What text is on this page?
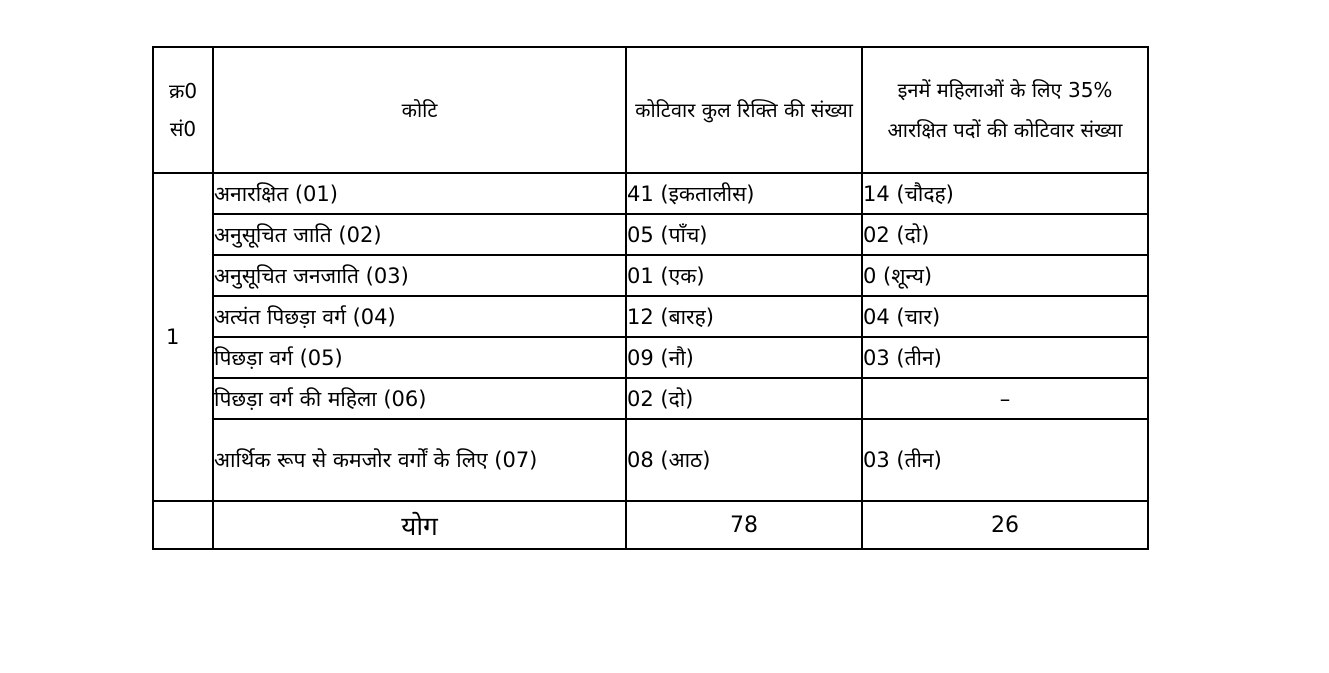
क्र0 सं0	कोटि	कोटिवार कुल रिक्ति की संख्या	इनमें महिलाओं के लिए 35% आरक्षित पदों की कोटिवार संख्या

1	अनारक्षित (01)	41 (इकतालीस)	14 (चौदह)
	अनुसूचित जाति (02)	05 (पाँच)	02 (दो)
	अनुसूचित जनजाति (03)	01 (एक)	0 (शून्य)
	अत्यंत पिछड़ा वर्ग (04)	12 (बारह)	04 (चार)
	पिछड़ा वर्ग (05)	09 (नौ)	03 (तीन)
	पिछड़ा वर्ग की महिला (06)	02 (दो)	–

	आर्थिक रूप से कमजोर वर्गों के लिए (07)	08 (आठ)	03 (तीन)
	योग	78	26
